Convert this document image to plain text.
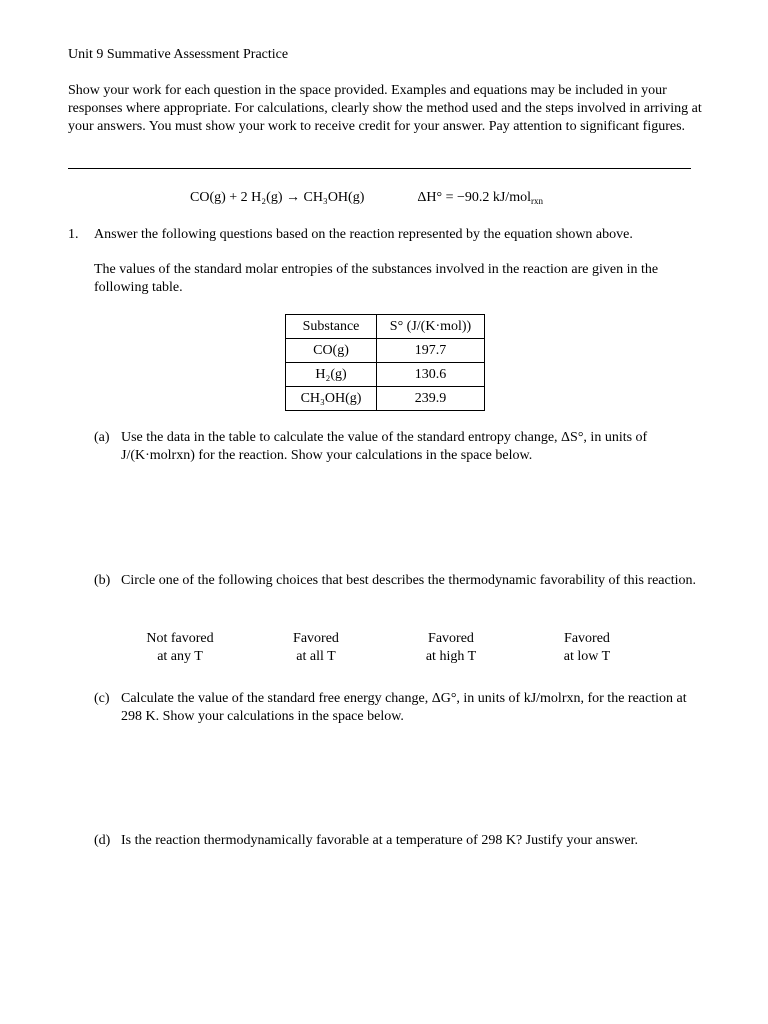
Unit 9 Summative Assessment Practice
Show your work for each question in the space provided. Examples and equations may be included in your responses where appropriate. For calculations, clearly show the method used and the steps involved in arriving at your answers. You must show your work to receive credit for your answer. Pay attention to significant figures.
CO(g) + 2 H₂(g) → CH₃OH(g)	ΔH° = −90.2 kJ/mol$_{rxn}$
1. Answer the following questions based on the reaction represented by the equation shown above.
The values of the standard molar entropies of the substances involved in the reaction are given in the following table.
Substance	S° (J/(K·mol))
CO(g)	197.7
H₂(g)	130.6
CH₃OH(g)	239.9
(a) Use the data in the table to calculate the value of the standard entropy change, ΔS°, in units of J/(K·molrxn) for the reaction. Show your calculations in the space below.
(b) Circle one of the following choices that best describes the thermodynamic favorability of this reaction.
Not favored
at any T
Favored
at all T
Favored
at high T
Favored
at low T
(c) Calculate the value of the standard free energy change, ΔG°, in units of kJ/molrxn, for the reaction at 298 K. Show your calculations in the space below.
(d) Is the reaction thermodynamically favorable at a temperature of 298 K? Justify your answer.
